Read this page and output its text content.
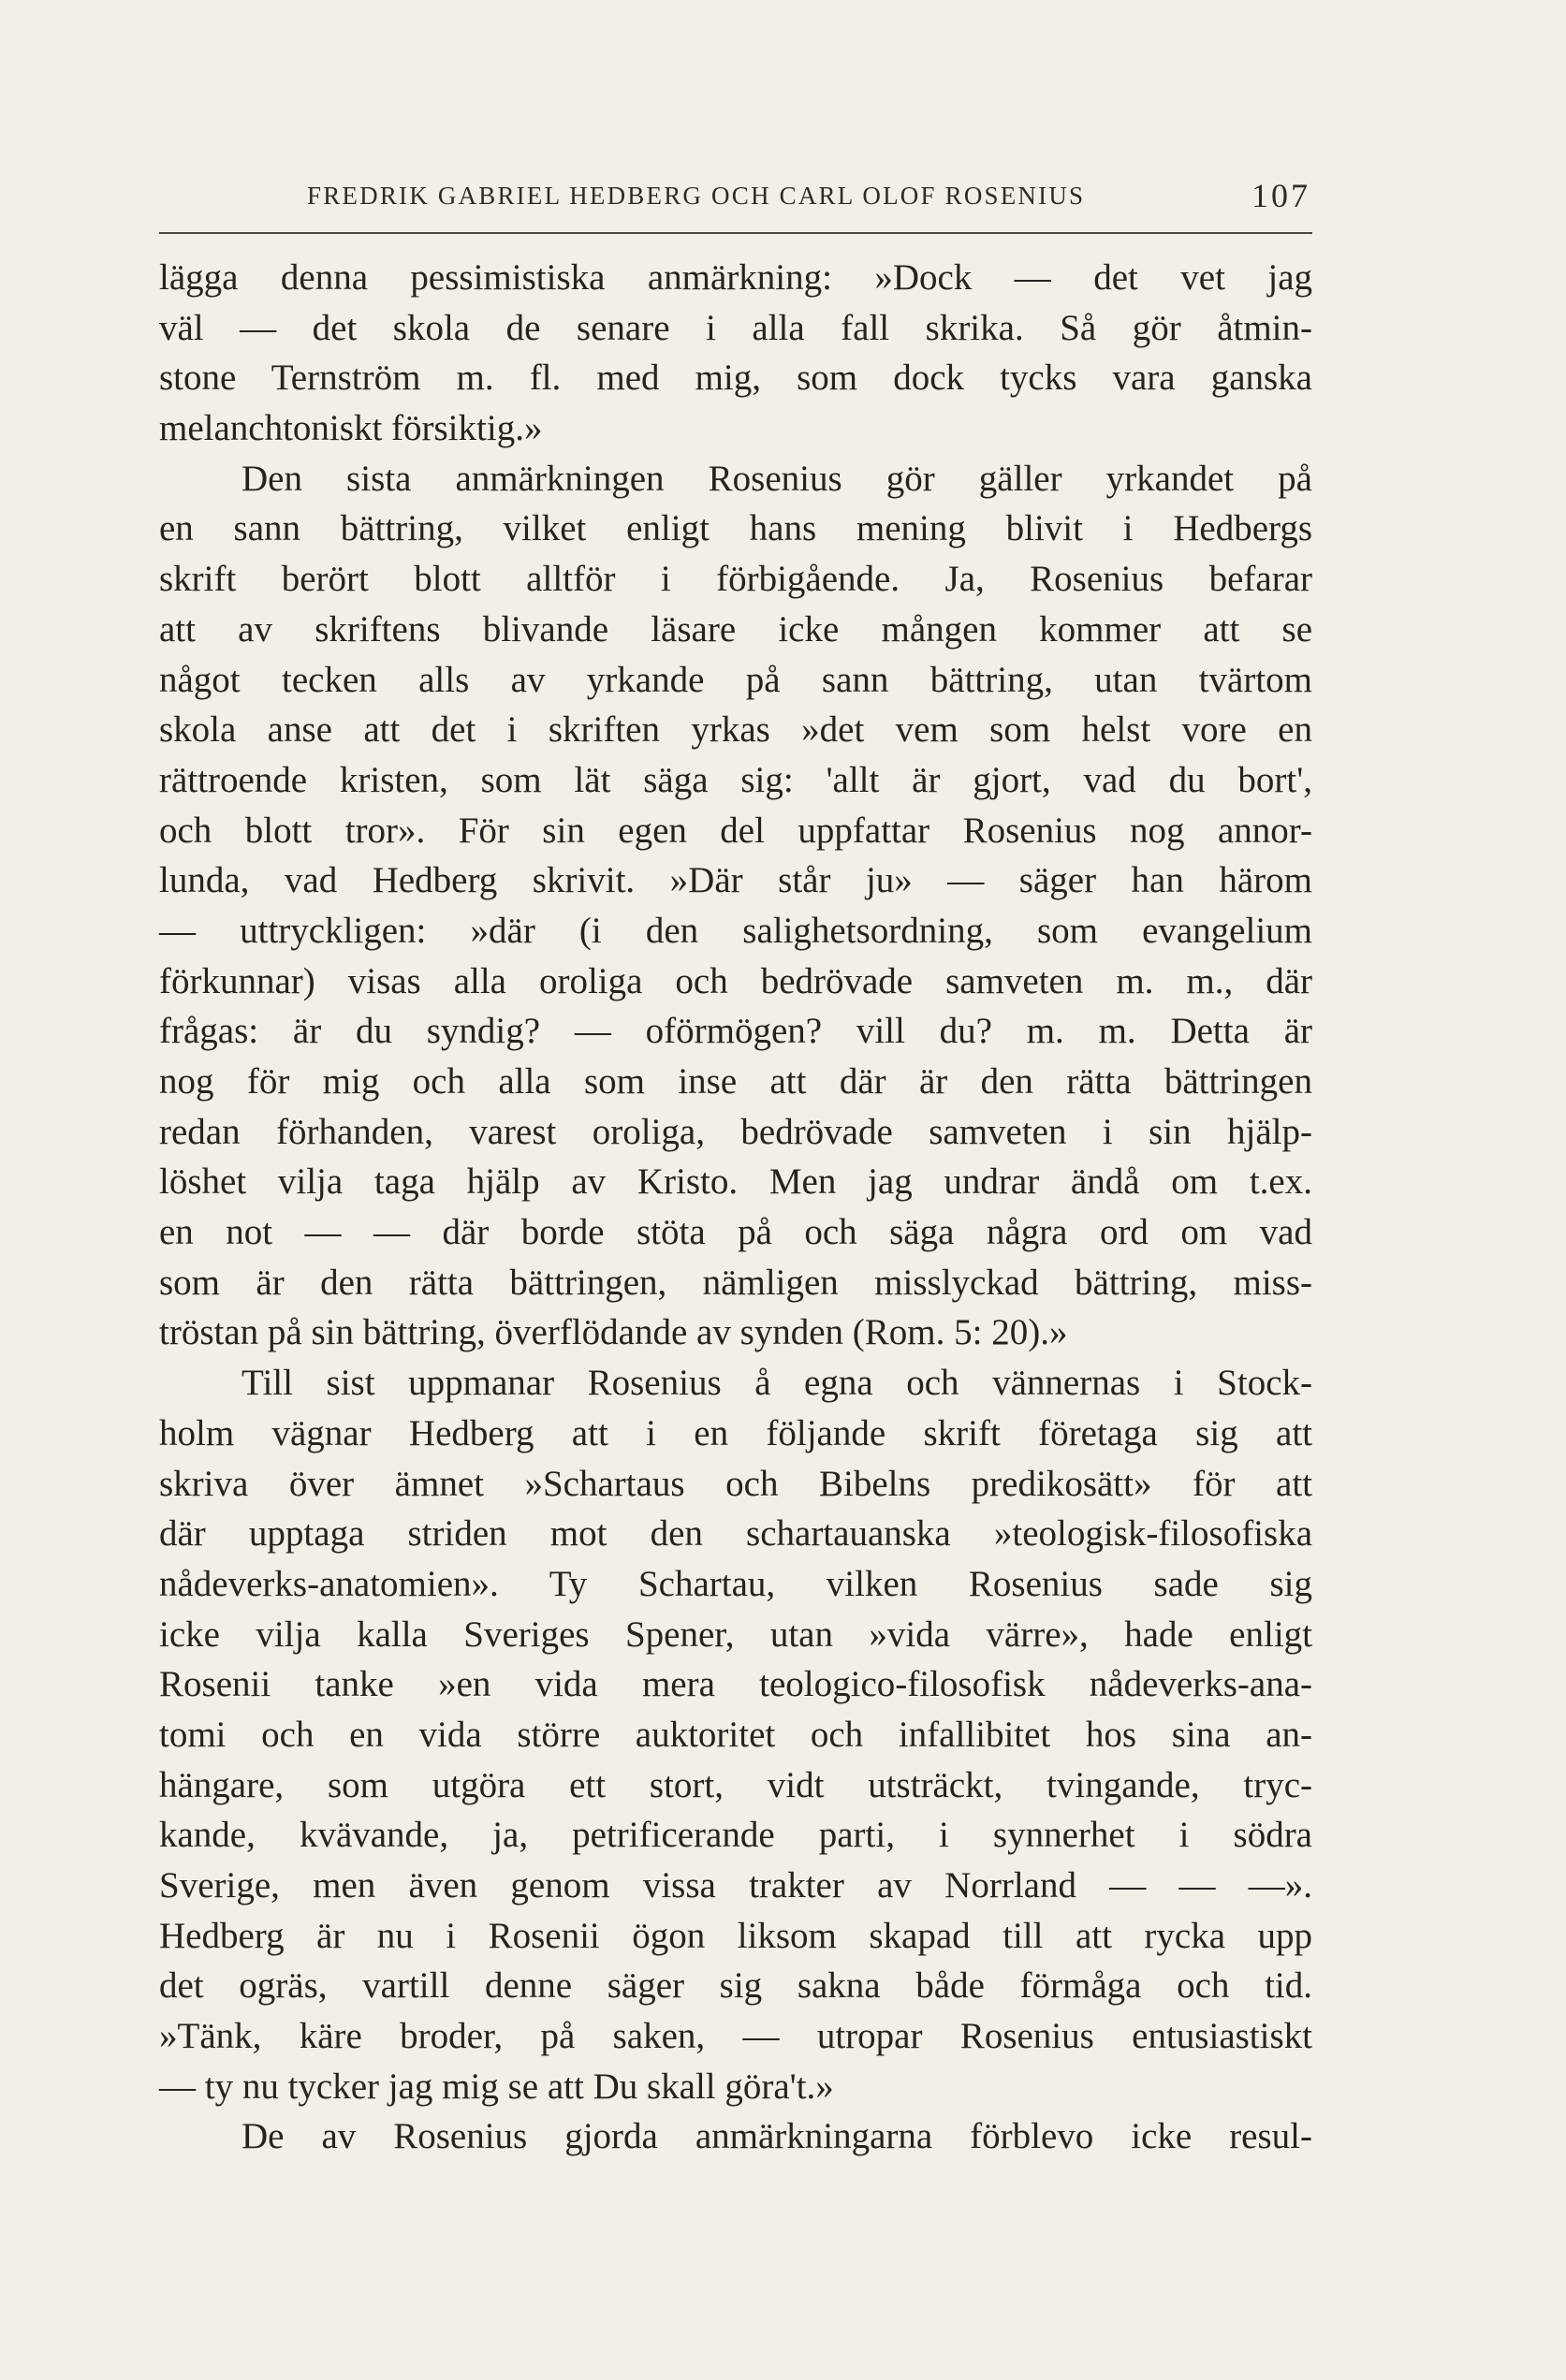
FREDRIK GABRIEL HEDBERG OCH CARL OLOF ROSENIUS	107
lägga denna pessimistiska anmärkning: »Dock — det vet jag
väl — det skola de senare i alla fall skrika. Så gör åtmin-
stone Ternström m. fl. med mig, som dock tycks vara ganska
melanchtoniskt försiktig.»
Den sista anmärkningen Rosenius gör gäller yrkandet på
en sann bättring, vilket enligt hans mening blivit i Hedbergs
skrift berört blott alltför i förbigående. Ja, Rosenius befarar
att av skriftens blivande läsare icke mången kommer att se
något tecken alls av yrkande på sann bättring, utan tvärtom
skola anse att det i skriften yrkas »det vem som helst vore en
rättroende kristen, som lät säga sig: 'allt är gjort, vad du bort',
och blott tror». För sin egen del uppfattar Rosenius nog annor-
lunda, vad Hedberg skrivit. »Där står ju» — säger han härom
— uttryckligen: »där (i den salighetsordning, som evangelium
förkunnar) visas alla oroliga och bedrövade samveten m. m., där
frågas: är du syndig? — oförmögen? vill du? m. m. Detta är
nog för mig och alla som inse att där är den rätta bättringen
redan förhanden, varest oroliga, bedrövade samveten i sin hjälp-
löshet vilja taga hjälp av Kristo. Men jag undrar ändå om t.ex.
en not — — där borde stöta på och säga några ord om vad
som är den rätta bättringen, nämligen misslyckad bättring, miss-
tröstan på sin bättring, överflödande av synden (Rom. 5: 20).»
Till sist uppmanar Rosenius å egna och vännernas i Stock-
holm vägnar Hedberg att i en följande skrift företaga sig att
skriva över ämnet »Schartaus och Bibelns predikosätt» för att
där upptaga striden mot den schartauanska »teologisk-filosofiska
nådeverks-anatomien». Ty Schartau, vilken Rosenius sade sig
icke vilja kalla Sveriges Spener, utan »vida värre», hade enligt
Rosenii tanke »en vida mera teologico-filosofisk nådeverks-ana-
tomi och en vida större auktoritet och infallibitet hos sina an-
hängare, som utgöra ett stort, vidt utsträckt, tvingande, tryc-
kande, kvävande, ja, petrificerande parti, i synnerhet i södra
Sverige, men även genom vissa trakter av Norrland — — —».
Hedberg är nu i Rosenii ögon liksom skapad till att rycka upp
det ogräs, vartill denne säger sig sakna både förmåga och tid.
»Tänk, käre broder, på saken, — utropar Rosenius entusiastiskt
— ty nu tycker jag mig se att Du skall göra't.»
De av Rosenius gjorda anmärkningarna förblevo icke resul-
